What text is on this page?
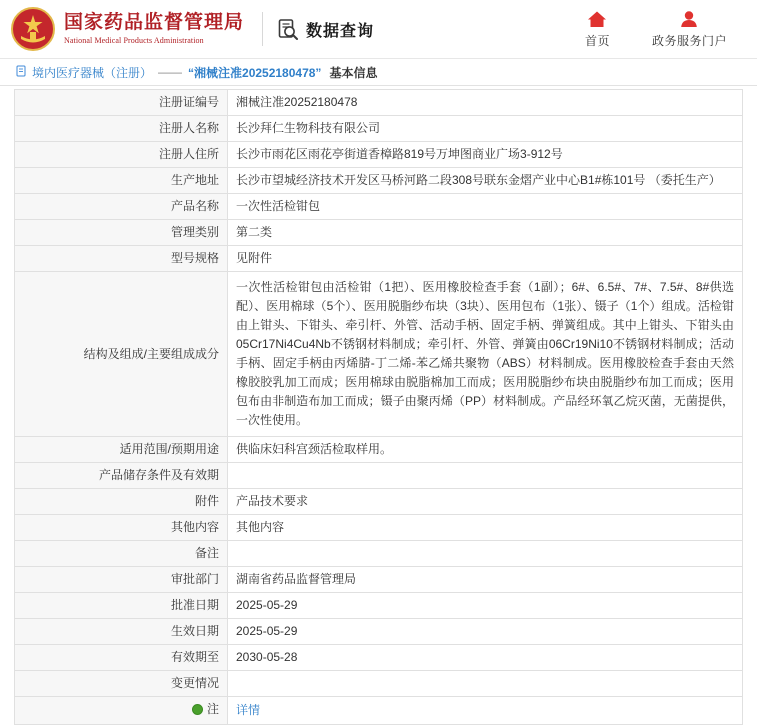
国家药品监督管理局
National Medical Products Administration
数据查询
首页	政务服务门户
境内医疗器械（注册） —— “湘械注准20252180478” 基本信息
注册证编号	湘械注准20252180478
注册人名称	长沙拜仁生物科技有限公司
注册人住所	长沙市雨花区雨花亭街道香樟路819号万坤图商业广场3-912号
生产地址	长沙市望城经济技术开发区马桥河路二段308号联东金熠产业中心B1#栋101号 （委托生产）
产品名称	一次性活检钳包
管理类别	第二类
型号规格	见附件
结构及组成/主要组成成分	一次性活检钳包由活检钳（1把）、医用橡胶检查手套（1副）；6#、6.5#、7#、7.5#、8#供选配）、医用棉球（5个）、医用脱脂纱布块（3块）、医用包布（1张）、镊子（1个）组成。活检钳由上钳头、下钳头、牵引杆、外管、活动手柄、固定手柄、弹簧组成。其中上钳头、下钳头由05Cr17Ni4Cu4Nb不锈钢材料制成；牵引杆、外管、弹簧由06Cr19Ni10不锈钢材料制成；活动手柄、固定手柄由丙烯腈-丁二烯-苯乙烯共聚物（ABS）材料制成。医用橡胶检查手套由天然橡胶胶乳加工而成；医用棉球由脱脂棉加工而成；医用脱脂纱布块由脱脂纱布加工而成；医用包布由非制造布加工而成；镊子由聚丙烯（PP）材料制成。产品经环氧乙烷灭菌，无菌提供，一次性使用。
适用范围/预期用途	供临床妇科宫颈活检取样用。
产品储存条件及有效期	
附件	产品技术要求
其他内容	其他内容
备注	
审批部门	湖南省药品监督管理局
批准日期	2025-05-29
生效日期	2025-05-29
有效期至	2030-05-28
变更情况	

注	详情
